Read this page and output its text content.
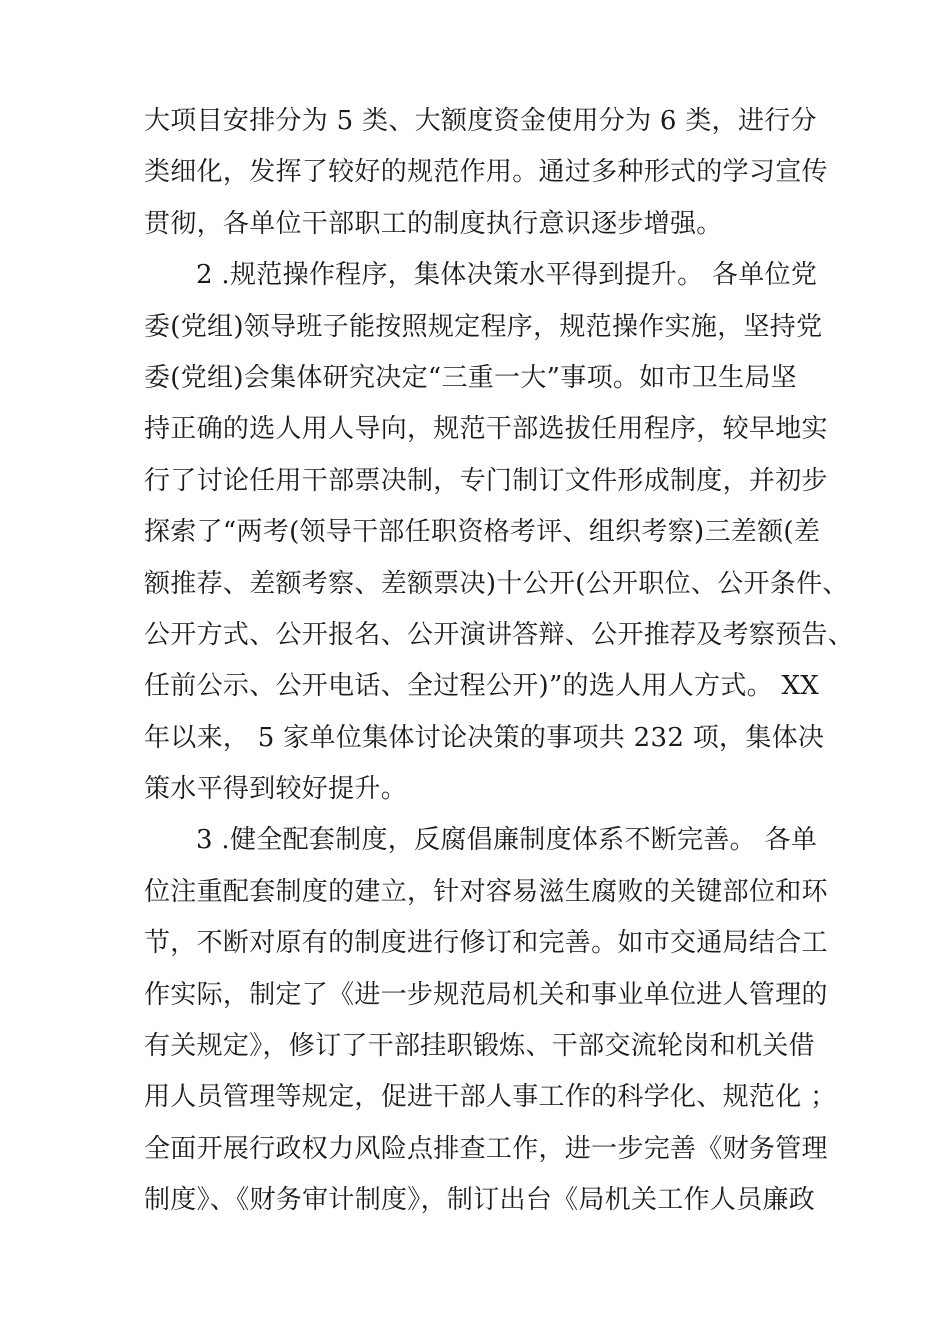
大项目安排分为 5 类、大额度资金使用分为 6 类，进行分
类细化，发挥了较好的规范作用。通过多种形式的学习宣传
贯彻，各单位干部职工的制度执行意识逐步增强。
2 .规范操作程序，集体决策水平得到提升。 各单位党
委(党组)领导班子能按照规定程序，规范操作实施，坚持党
委(党组)会集体研究决定“三重一大”事项。如市卫生局坚
持正确的选人用人导向，规范干部选拔任用程序，较早地实
行了讨论任用干部票决制，专门制订文件形成制度，并初步
探索了“两考(领导干部任职资格考评、组织考察)三差额(差
额推荐、差额考察、差额票决)十公开(公开职位、公开条件、
公开方式、公开报名、公开演讲答辩、公开推荐及考察预告、
任前公示、公开电话、全过程公开)”的选人用人方式。 XX
年以来， 5 家单位集体讨论决策的事项共 232 项，集体决
策水平得到较好提升。
3 .健全配套制度，反腐倡廉制度体系不断完善。 各单
位注重配套制度的建立，针对容易滋生腐败的关键部位和环
节，不断对原有的制度进行修订和完善。如市交通局结合工
作实际，制定了《进一步规范局机关和事业单位进人管理的
有关规定》，修订了干部挂职锻炼、干部交流轮岗和机关借
用人员管理等规定，促进干部人事工作的科学化、规范化 ；
全面开展行政权力风险点排查工作，进一步完善《财务管理
制度》、《财务审计制度》，制订出台《局机关工作人员廉政
